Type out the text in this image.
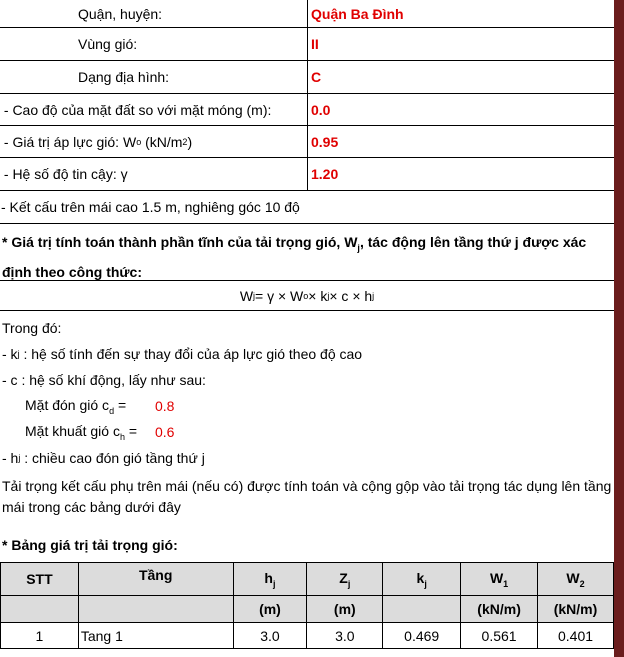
Quận, huyện:	Quận Ba Đình
Vùng gió:	II
Dạng địa hình:	C
- Cao độ của mặt đất so với mặt móng (m):	0.0
- Giá trị áp lực gió: W o (kN/m 2 )	0.95
- Hệ số độ tin cậy: γ	1.20
- Kết cấu trên mái cao 1.5 m, nghiêng góc 10 độ
* Giá trị tính toán thành phần tĩnh của tải trọng gió, $W_j$, tác động lên tầng thứ j được xác định theo công thức:
W j = γ × W o × k j × c × h j
Trong đó:
- k j : hệ số tính đến sự thay đổi của áp lực gió theo độ cao
- c : hệ số khí động, lấy như sau:
Mặt đón gió $c_d$ =	0.8
Mặt khuất gió $c_h$ =	0.6
- h j : chiều cao đón gió tầng thứ j
Tải trọng kết cấu phụ trên mái (nếu có) được tính toán và cộng gộp vào tải trọng tác dụng lên tầng mái trong các bảng dưới đây
* Bảng giá trị tải trọng gió:
STT	Tầng	$h_j$	$Z_j$	$k_j$	$W_1$	$W_2$
		(m)	(m)		(kN/m)	(kN/m)
1	Tang 1	3.0	3.0	0.469	0.561	0.401
